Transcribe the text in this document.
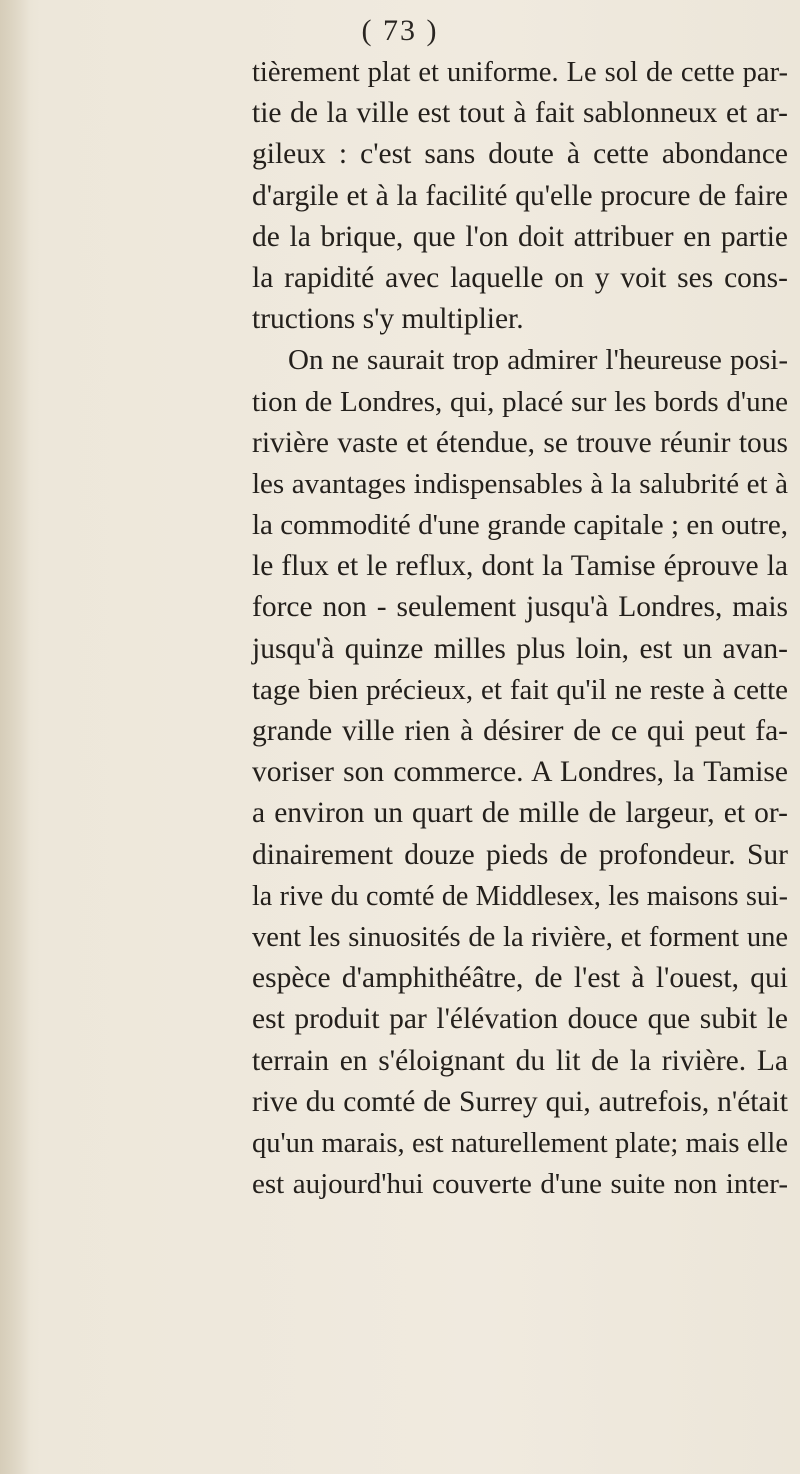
( 73 )
tièrement plat et uniforme. Le sol de cette par-
tie de la ville est tout à fait sablonneux et ar-
gileux : c'est sans doute à cette abondance
d'argile et à la facilité qu'elle procure de faire
de la brique, que l'on doit attribuer en partie
la rapidité avec laquelle on y voit ses cons-
tructions s'y multiplier.
On ne saurait trop admirer l'heureuse posi-
tion de Londres, qui, placé sur les bords d'une
rivière vaste et étendue, se trouve réunir tous
les avantages indispensables à la salubrité et à
la commodité d'une grande capitale ; en outre,
le flux et le reflux, dont la Tamise éprouve la
force non - seulement jusqu'à Londres, mais
jusqu'à quinze milles plus loin, est un avan-
tage bien précieux, et fait qu'il ne reste à cette
grande ville rien à désirer de ce qui peut fa-
voriser son commerce. A Londres, la Tamise
a environ un quart de mille de largeur, et or-
dinairement douze pieds de profondeur. Sur
la rive du comté de Middlesex, les maisons sui-
vent les sinuosités de la rivière, et forment une
espèce d'amphithéâtre, de l'est à l'ouest, qui
est produit par l'élévation douce que subit le
terrain en s'éloignant du lit de la rivière. La
rive du comté de Surrey qui, autrefois, n'était
qu'un marais, est naturellement plate; mais elle
est aujourd'hui couverte d'une suite non inter-
